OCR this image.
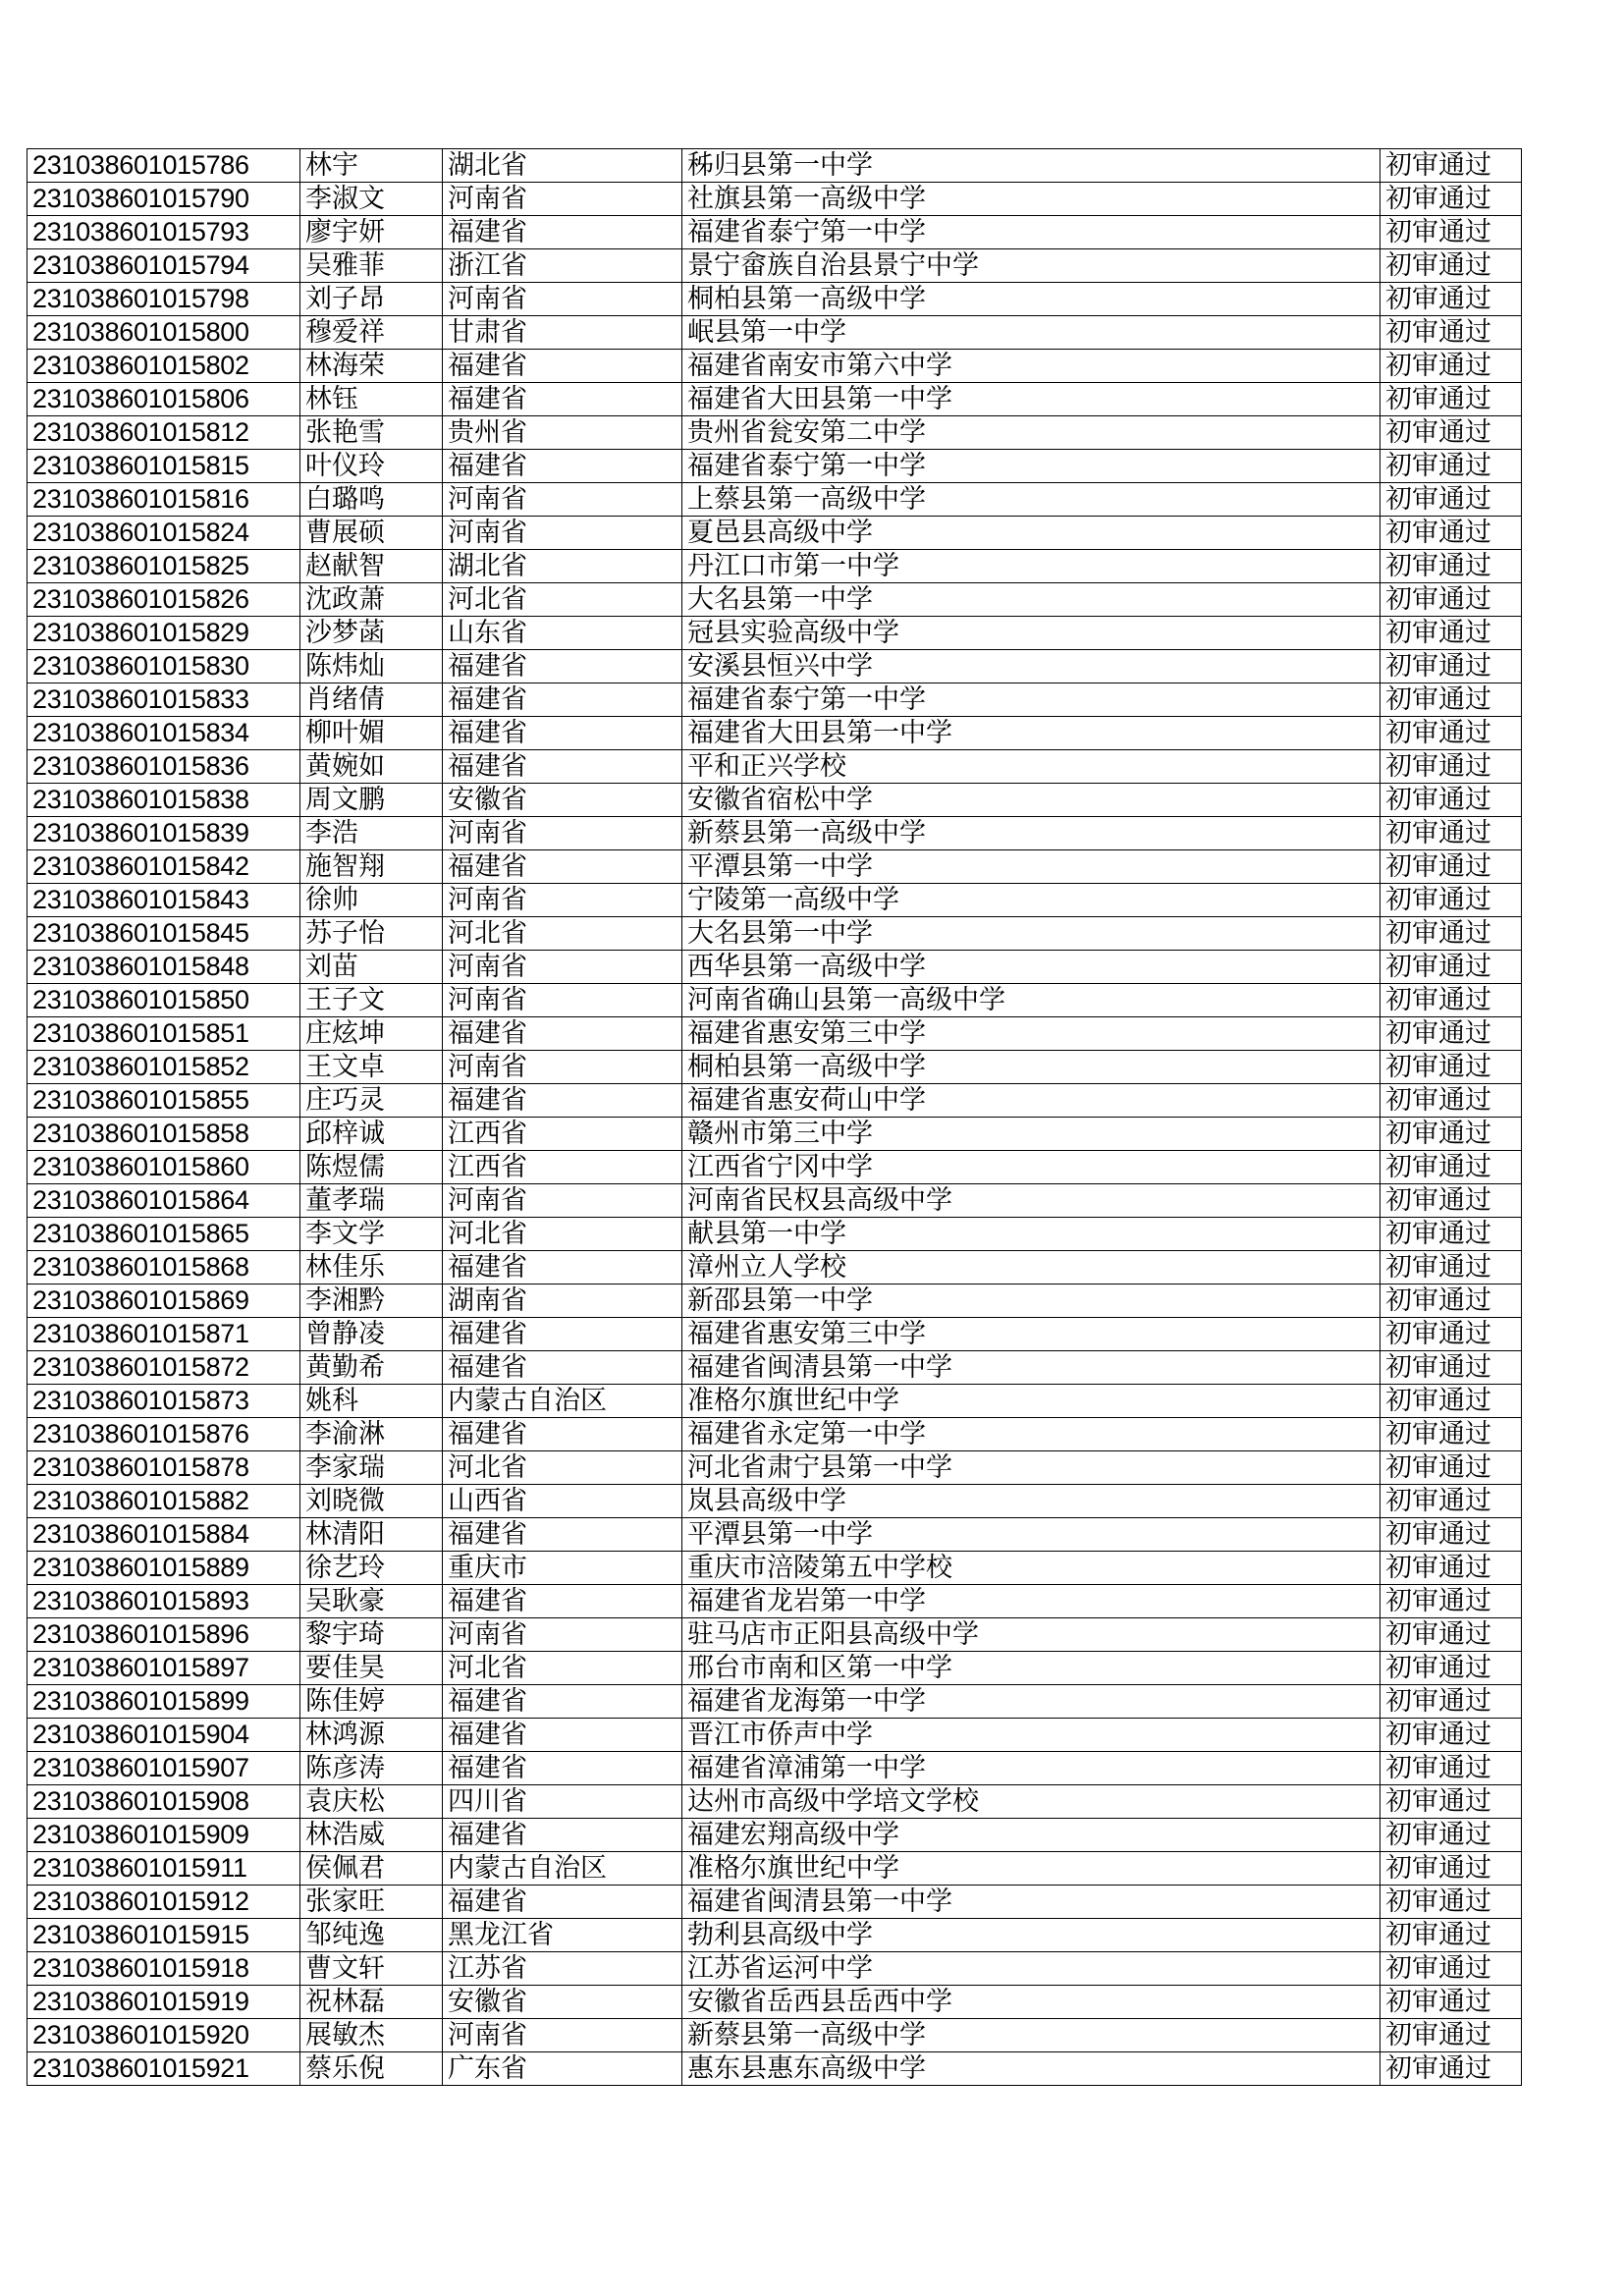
231038601015786	林宇	湖北省	秭归县第一中学	初审通过
231038601015790	李淑文	河南省	社旗县第一高级中学	初审通过
231038601015793	廖宇妍	福建省	福建省泰宁第一中学	初审通过
231038601015794	吴雅菲	浙江省	景宁畲族自治县景宁中学	初审通过
231038601015798	刘子昂	河南省	桐柏县第一高级中学	初审通过
231038601015800	穆爱祥	甘肃省	岷县第一中学	初审通过
231038601015802	林海荣	福建省	福建省南安市第六中学	初审通过
231038601015806	林钰	福建省	福建省大田县第一中学	初审通过
231038601015812	张艳雪	贵州省	贵州省瓮安第二中学	初审通过
231038601015815	叶仪玲	福建省	福建省泰宁第一中学	初审通过
231038601015816	白璐鸣	河南省	上蔡县第一高级中学	初审通过
231038601015824	曹展硕	河南省	夏邑县高级中学	初审通过
231038601015825	赵献智	湖北省	丹江口市第一中学	初审通过
231038601015826	沈政萧	河北省	大名县第一中学	初审通过
231038601015829	沙梦菡	山东省	冠县实验高级中学	初审通过
231038601015830	陈炜灿	福建省	安溪县恒兴中学	初审通过
231038601015833	肖绪倩	福建省	福建省泰宁第一中学	初审通过
231038601015834	柳叶媚	福建省	福建省大田县第一中学	初审通过
231038601015836	黄婉如	福建省	平和正兴学校	初审通过
231038601015838	周文鹏	安徽省	安徽省宿松中学	初审通过
231038601015839	李浩	河南省	新蔡县第一高级中学	初审通过
231038601015842	施智翔	福建省	平潭县第一中学	初审通过
231038601015843	徐帅	河南省	宁陵第一高级中学	初审通过
231038601015845	苏子怡	河北省	大名县第一中学	初审通过
231038601015848	刘苗	河南省	西华县第一高级中学	初审通过
231038601015850	王子文	河南省	河南省确山县第一高级中学	初审通过
231038601015851	庄炫坤	福建省	福建省惠安第三中学	初审通过
231038601015852	王文卓	河南省	桐柏县第一高级中学	初审通过
231038601015855	庄巧灵	福建省	福建省惠安荷山中学	初审通过
231038601015858	邱梓诚	江西省	赣州市第三中学	初审通过
231038601015860	陈煜儒	江西省	江西省宁冈中学	初审通过
231038601015864	董孝瑞	河南省	河南省民权县高级中学	初审通过
231038601015865	李文学	河北省	献县第一中学	初审通过
231038601015868	林佳乐	福建省	漳州立人学校	初审通过
231038601015869	李湘黔	湖南省	新邵县第一中学	初审通过
231038601015871	曾静凌	福建省	福建省惠安第三中学	初审通过
231038601015872	黄勤希	福建省	福建省闽清县第一中学	初审通过
231038601015873	姚科	内蒙古自治区	准格尔旗世纪中学	初审通过
231038601015876	李渝淋	福建省	福建省永定第一中学	初审通过
231038601015878	李家瑞	河北省	河北省肃宁县第一中学	初审通过
231038601015882	刘晓微	山西省	岚县高级中学	初审通过
231038601015884	林清阳	福建省	平潭县第一中学	初审通过
231038601015889	徐艺玲	重庆市	重庆市涪陵第五中学校	初审通过
231038601015893	吴耿豪	福建省	福建省龙岩第一中学	初审通过
231038601015896	黎宇琦	河南省	驻马店市正阳县高级中学	初审通过
231038601015897	要佳昊	河北省	邢台市南和区第一中学	初审通过
231038601015899	陈佳婷	福建省	福建省龙海第一中学	初审通过
231038601015904	林鸿源	福建省	晋江市侨声中学	初审通过
231038601015907	陈彦涛	福建省	福建省漳浦第一中学	初审通过
231038601015908	袁庆松	四川省	达州市高级中学培文学校	初审通过
231038601015909	林浩威	福建省	福建宏翔高级中学	初审通过
231038601015911	侯佩君	内蒙古自治区	准格尔旗世纪中学	初审通过
231038601015912	张家旺	福建省	福建省闽清县第一中学	初审通过
231038601015915	邹纯逸	黑龙江省	勃利县高级中学	初审通过
231038601015918	曹文轩	江苏省	江苏省运河中学	初审通过
231038601015919	祝林磊	安徽省	安徽省岳西县岳西中学	初审通过
231038601015920	展敏杰	河南省	新蔡县第一高级中学	初审通过
231038601015921	蔡乐倪	广东省	惠东县惠东高级中学	初审通过
